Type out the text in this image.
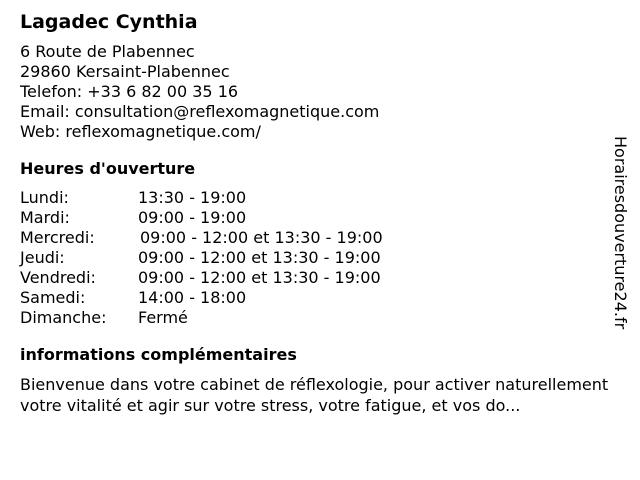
Lagadec Cynthia
6 Route de Plabennec
29860 Kersaint-Plabennec
Telefon: +33 6 82 00 35 16
Email: consultation@reflexomagnetique.com
Web: reflexomagnetique.com/
Heures d'ouverture
Lundi:	13:30 - 19:00
Mardi:	09:00 - 19:00
Mercredi:	09:00 - 12:00 et 13:30 - 19:00
Jeudi:	09:00 - 12:00 et 13:30 - 19:00
Vendredi:	09:00 - 12:00 et 13:30 - 19:00
Samedi:	14:00 - 18:00
Dimanche: Fermé
informations complémentaires
Bienvenue dans votre cabinet de réflexologie, pour activer naturellement votre vitalité et agir sur votre stress, votre fatigue, et vos do...
Horairesdouverture24.fr
